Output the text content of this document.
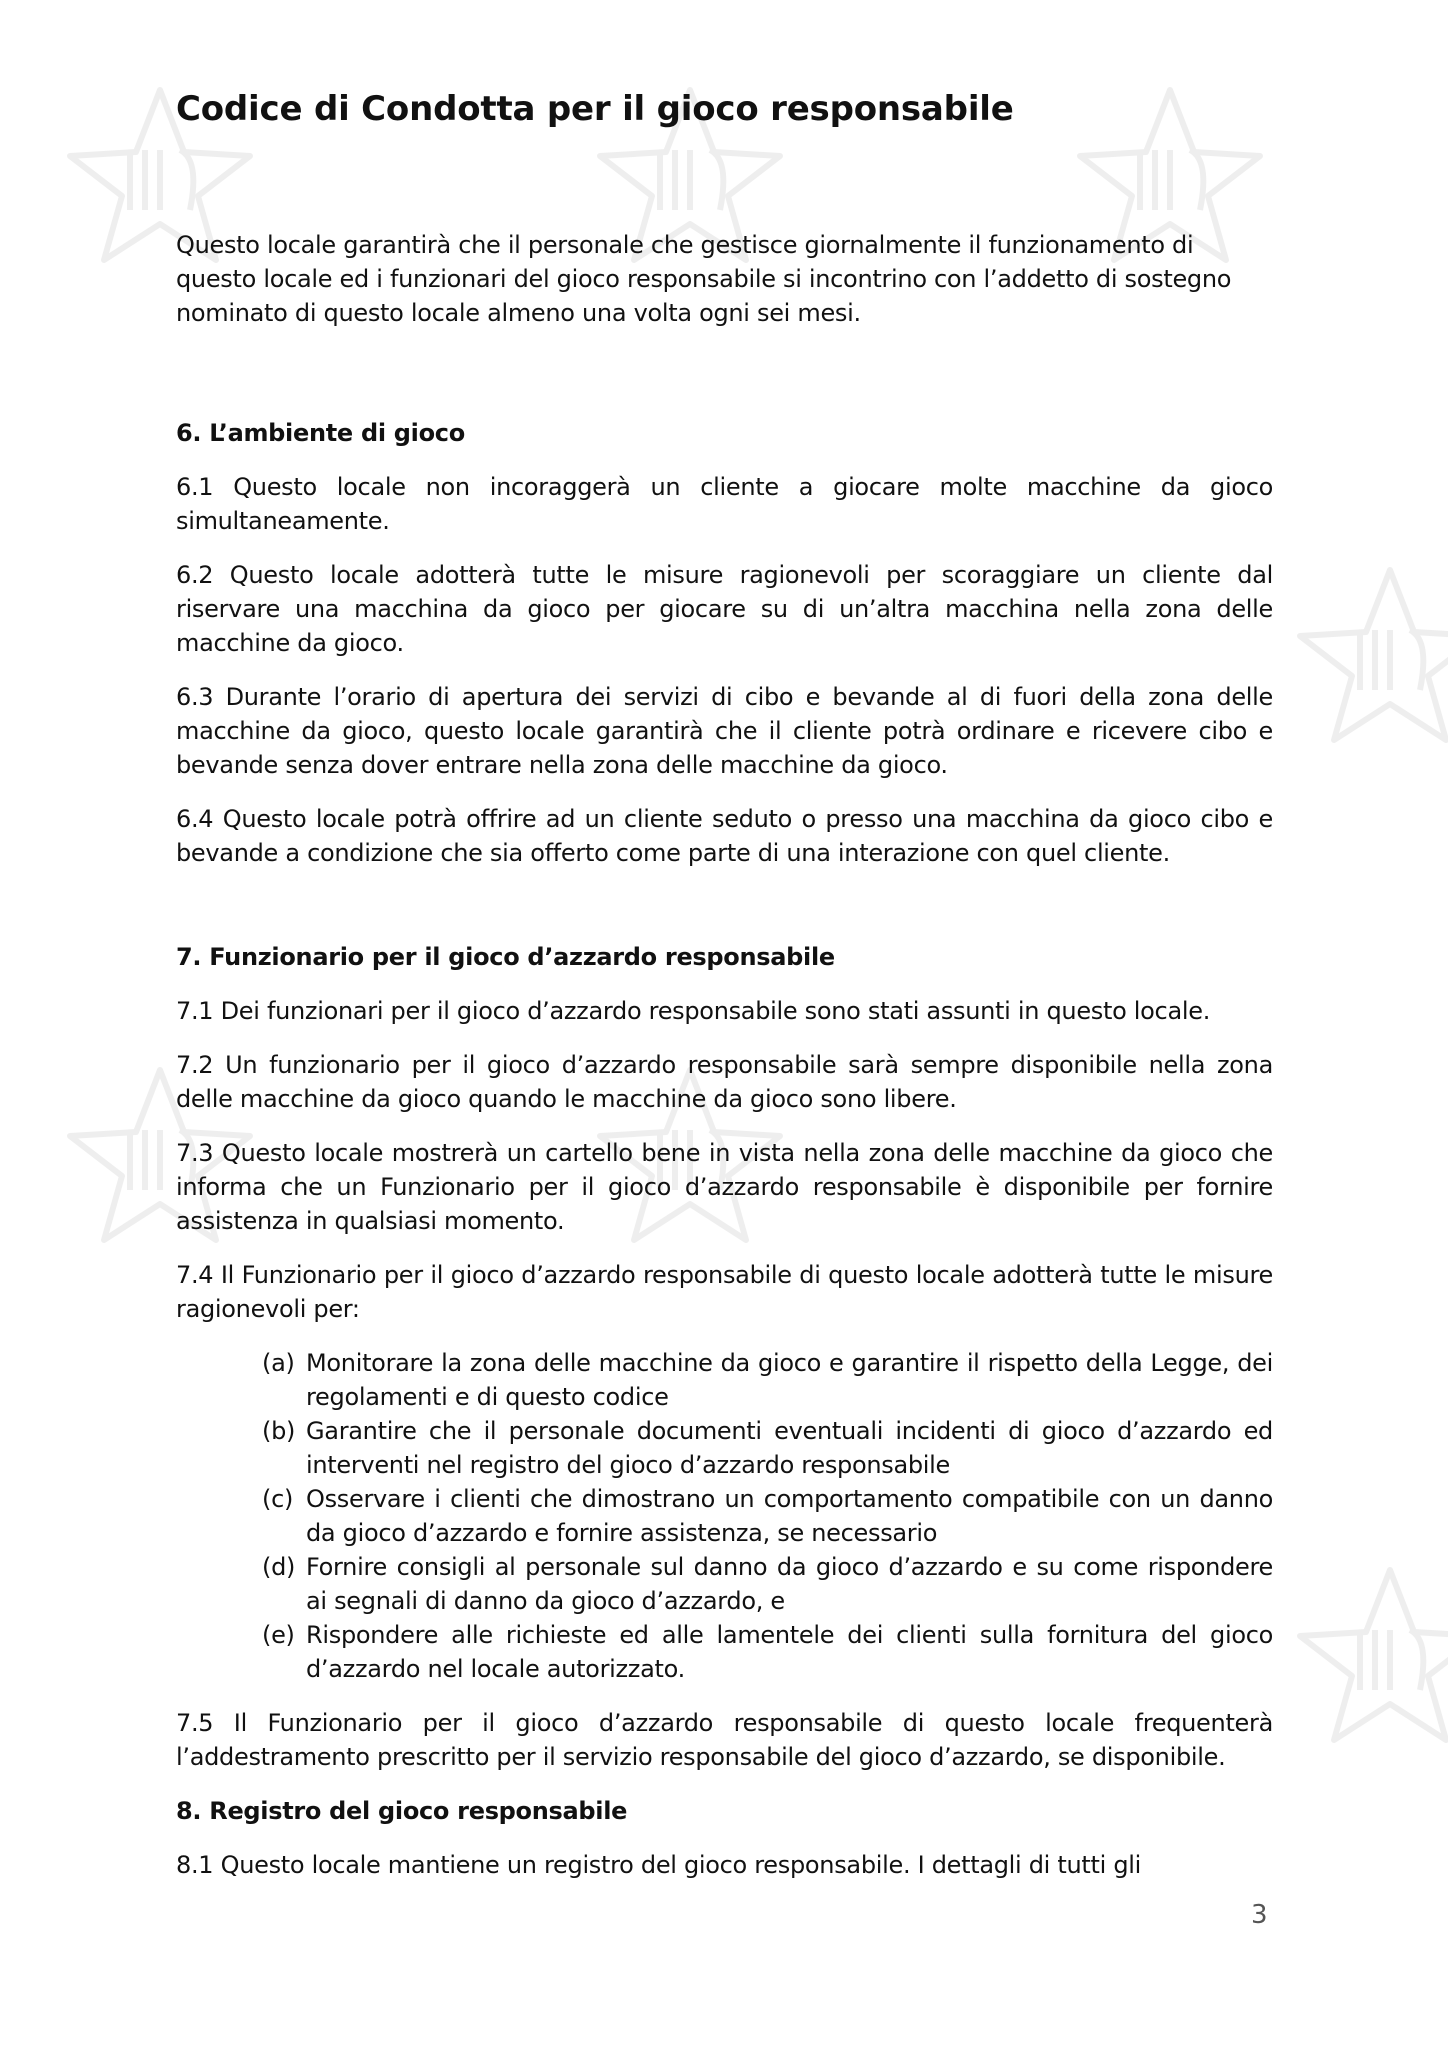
Codice di Condotta per il gioco responsabile

Questo locale garantirà che il personale che gestisce giornalmente il funzionamento di questo locale ed i funzionari del gioco responsabile si incontrino con l’addetto di sostegno nominato di questo locale almeno una volta ogni sei mesi.

6. L’ambiente di gioco

6.1 Questo locale non incoraggerà un cliente a giocare molte macchine da gioco simultaneamente.

6.2 Questo locale adotterà tutte le misure ragionevoli per scoraggiare un cliente dal riservare una macchina da gioco per giocare su di un’altra macchina nella zona delle macchine da gioco.

6.3 Durante l’orario di apertura dei servizi di cibo e bevande al di fuori della zona delle macchine da gioco, questo locale garantirà che il cliente potrà ordinare e ricevere cibo e bevande senza dover entrare nella zona delle macchine da gioco.

6.4 Questo locale potrà offrire ad un cliente seduto o presso una macchina da gioco cibo e bevande a condizione che sia offerto come parte di una interazione con quel cliente.

7. Funzionario per il gioco d’azzardo responsabile

7.1 Dei funzionari per il gioco d’azzardo responsabile sono stati assunti in questo locale.

7.2 Un funzionario per il gioco d’azzardo responsabile sarà sempre disponibile nella zona delle macchine da gioco quando le macchine da gioco sono libere.

7.3 Questo locale mostrerà un cartello bene in vista nella zona delle macchine da gioco che informa che un Funzionario per il gioco d’azzardo responsabile è disponibile per fornire assistenza in qualsiasi momento.

7.4 Il Funzionario per il gioco d’azzardo responsabile di questo locale adotterà tutte le misure ragionevoli per:

(a) Monitorare la zona delle macchine da gioco e garantire il rispetto della Legge, dei regolamenti e di questo codice
(b) Garantire che il personale documenti eventuali incidenti di gioco d’azzardo ed interventi nel registro del gioco d’azzardo responsabile
(c) Osservare i clienti che dimostrano un comportamento compatibile con un danno da gioco d’azzardo e fornire assistenza, se necessario
(d) Fornire consigli al personale sul danno da gioco d’azzardo e su come rispondere ai segnali di danno da gioco d’azzardo, e
(e) Rispondere alle richieste ed alle lamentele dei clienti sulla fornitura del gioco d’azzardo nel locale autorizzato.

7.5 Il Funzionario per il gioco d’azzardo responsabile di questo locale frequenterà l’addestramento prescritto per il servizio responsabile del gioco d’azzardo, se disponibile.

8. Registro del gioco responsabile

8.1 Questo locale mantiene un registro del gioco responsabile. I dettagli di tutti gli

3
